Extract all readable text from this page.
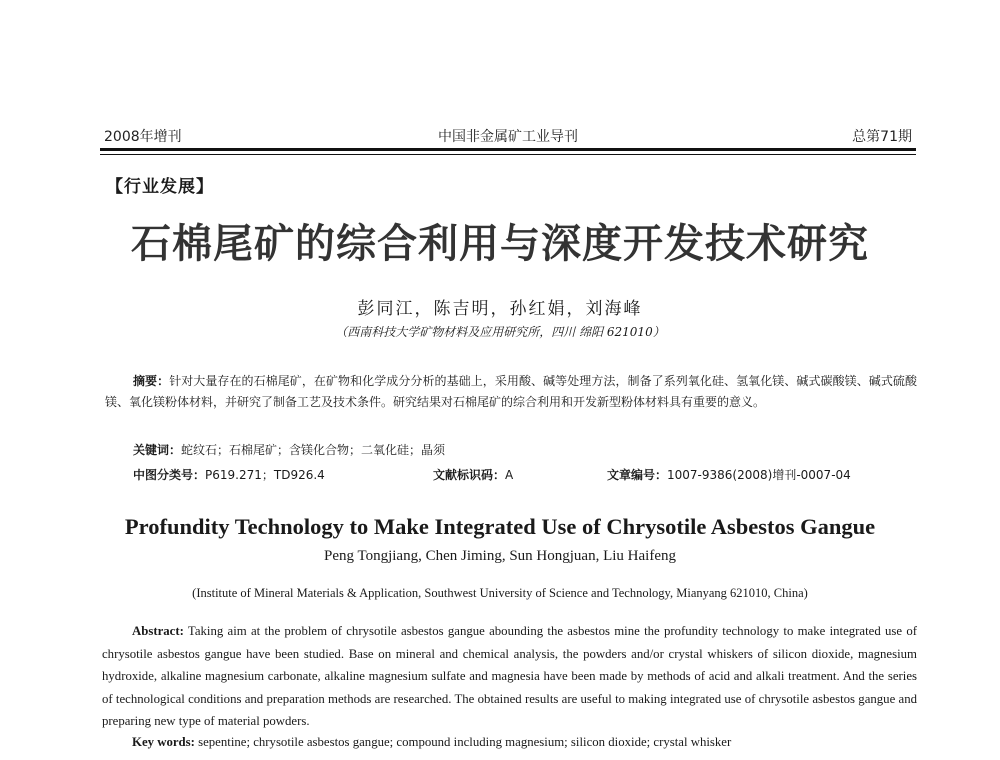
2008年增刊	中国非金属矿工业导刊	总第71期
【行业发展】
石棉尾矿的综合利用与深度开发技术研究
彭同江，陈吉明，孙红娟，刘海峰
（西南科技大学矿物材料及应用研究所，四川 绵阳 621010）

摘要：针对大量存在的石棉尾矿，在矿物和化学成分分析的基础上，采用酸、碱等处理方法，制备了系列氧化硅、氢氧化镁、碱式碳酸镁、碱式硫酸镁、氧化镁粉体材料，并研究了制备工艺及技术条件。研究结果对石棉尾矿的综合利用和开发新型粉体材料具有重要的意义。

关键词：蛇纹石；石棉尾矿；含镁化合物；二氧化硅；晶须
中图分类号：P619.271；TD926.4	文献标识码：A	文章编号：1007-9386(2008)增刊-0007-04
Profundity Technology to Make Integrated Use of Chrysotile Asbestos Gangue
Peng Tongjiang, Chen Jiming, Sun Hongjuan, Liu Haifeng
(Institute of Mineral Materials & Application, Southwest University of Science and Technology, Mianyang 621010, China)

Abstract: Taking aim at the problem of chrysotile asbestos gangue abounding the asbestos mine the profundity technology to make integrated use of chrysotile asbestos gangue have been studied. Base on mineral and chemical analysis, the powders and/or crystal whiskers of silicon dioxide, magnesium hydroxide, alkaline magnesium carbonate, alkaline magnesium sulfate and magnesia have been made by methods of acid and alkali treatment. And the series of technological conditions and preparation methods are researched. The obtained results are useful to making integrated use of chrysotile asbestos gangue and preparing new type of material powders.

Key words: sepentine; chrysotile asbestos gangue; compound including magnesium; silicon dioxide; crystal whisker
